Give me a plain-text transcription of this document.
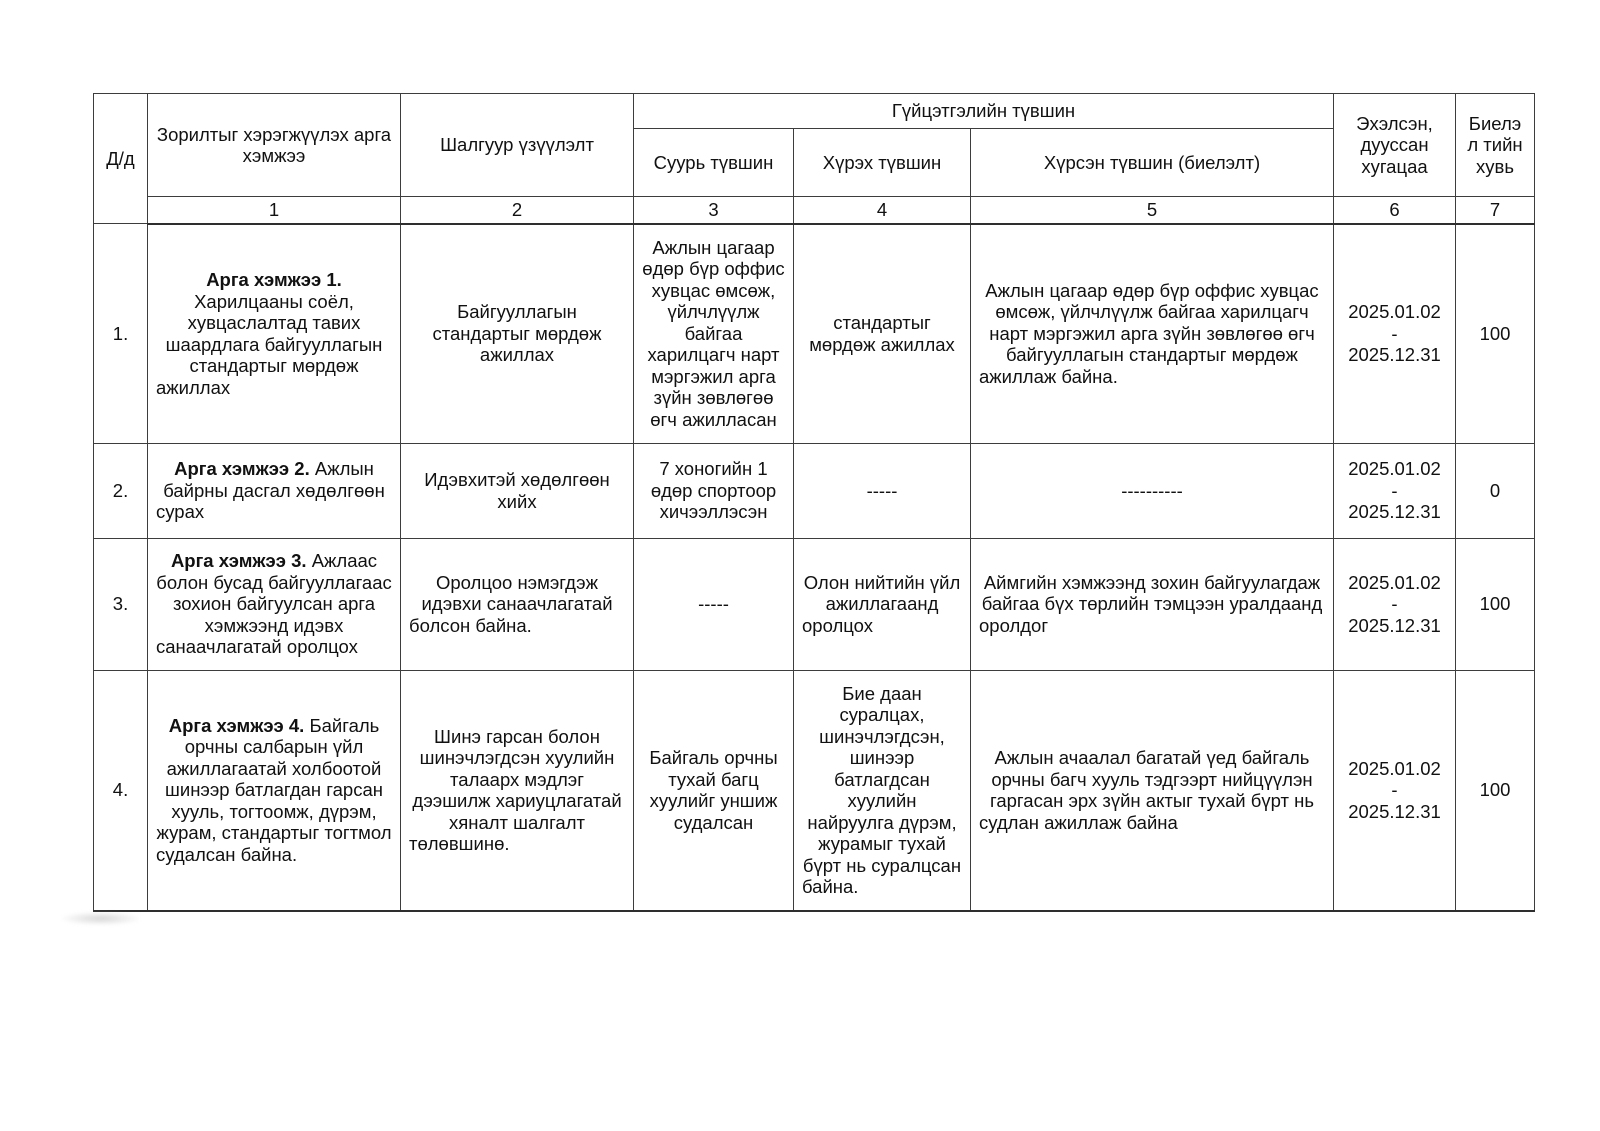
Д/д	Зорилтыг хэрэгжүүлэх арга хэмжээ	Шалгуур үзүүлэлт	Гүйцэтгэлийн түвшин			Эхэлсэн, дууссан хугацаа	Биелэл тийн хувь
			Суурь түвшин	Хүрэх түвшин	Хүрсэн түвшин (биелэлт)		
	1	2	3	4	5	6	7
1.	Арга хэмжээ 1. Харилцааны соёл, хувцаслалтад тавих шаардлага байгууллагын стандартыг мөрдөж ажиллах	Байгууллагын стандартыг мөрдөж ажиллах	Ажлын цагаар өдөр бүр оффис хувцас өмсөж, үйлчлүүлж байгаа харилцагч нарт мэргэжил арга зүйн зөвлөгөө өгч ажилласан	стандартыг мөрдөж ажиллах	Ажлын цагаар өдөр бүр оффис хувцас өмсөж, үйлчлүүлж байгаа харилцагч нарт мэргэжил арга зүйн зөвлөгөө өгч байгууллагын стандартыг мөрдөж ажиллаж байна.	2025.01.02
-
2025.12.31	100
2.	Арга хэмжээ 2. Ажлын байрны дасгал хөдөлгөөн сурах	Идэвхитэй хөдөлгөөн хийх	7 хоногийн 1 өдөр спортоор хичээллэсэн	-----	----------	2025.01.02
-
2025.12.31	0
3.	Арга хэмжээ 3. Ажлаас болон бусад байгууллагаас зохион байгуулсан арга хэмжээнд идэвх санаачлагатай оролцох	Оролцоо нэмэгдэж идэвхи санаачлагатай болсон байна.	-----	Олон нийтийн үйл ажиллагаанд оролцох	Аймгийн хэмжээнд зохин байгуулагдаж байгаа бүх төрлийн тэмцээн уралдаанд оролдог	2025.01.02
-
2025.12.31	100
4.	Арга хэмжээ 4. Байгаль орчны салбарын үйл ажиллагаатай холбоотой шинээр батлагдан гарсан хууль, тогтоомж, дүрэм, журам, стандартыг тогтмол судалсан байна.	Шинэ гарсан болон шинэчлэгдсэн хуулийн талаарх мэдлэг дээшилж хариуцлагатай хяналт шалгалт төлөвшинө.	Байгаль орчны тухай багц хуулийг уншиж судалсан	Бие даан суралцах, шинэчлэгдсэн, шинээр батлагдсан хуулийн найруулга дүрэм, журамыг тухай бүрт нь суралцсан байна.	Ажлын ачаалал багатай үед байгаль орчны багч хууль тэдгээрт нийцүүлэн гаргасан эрх зүйн актыг тухай бүрт нь судлан ажиллаж байна	2025.01.02
-
2025.12.31	100
